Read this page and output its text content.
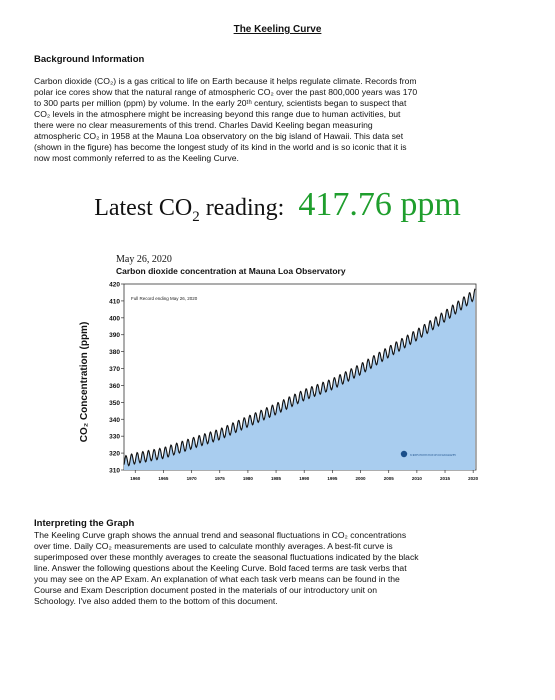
The Keeling Curve
Background Information
Carbon dioxide (CO₂) is a gas critical to life on Earth because it helps regulate climate. Records from
polar ice cores show that the natural range of atmospheric CO₂ over the past 800,000 years was 170
to 300 parts per million (ppm) by volume. In the early 20ᵗʰ century, scientists began to suspect that
CO₂ levels in the atmosphere might be increasing beyond this range due to human activities, but
there were no clear measurements of this trend. Charles David Keeling began measuring
atmospheric CO₂ in 1958 at the Mauna Loa observatory on the big island of Hawaii. This data set
(shown in the figure) has become the longest study of its kind in the world and is so iconic that it is
now most commonly referred to as the Keeling Curve.
Latest $CO_2$ reading: 417.76 ppm
May 26, 2020
Carbon dioxide concentration at Mauna Loa Observatory
CO₂ Concentration (ppm)
310
320
330
340
350
360
370
380
390
400
410
420
1960	1965	1970	1975	1980	1985	1990	1995	2000	2005	2010	2015	2020
Full Record ending May 26, 2020
SCRIPPS INSTITUTION OF OCEANOGRAPHY
Interpreting the Graph
The Keeling Curve graph shows the annual trend and seasonal fluctuations in CO₂ concentrations
over time. Daily CO₂ measurements are used to calculate monthly averages. A best-fit curve is
superimposed over these monthly averages to create the seasonal fluctuations indicated by the black
line. Answer the following questions about the Keeling Curve. Bold faced terms are task verbs that
you may see on the AP Exam. An explanation of what each task verb means can be found in the
Course and Exam Description document posted in the materials of our introductory unit on
Schoology. I've also added them to the bottom of this document.
